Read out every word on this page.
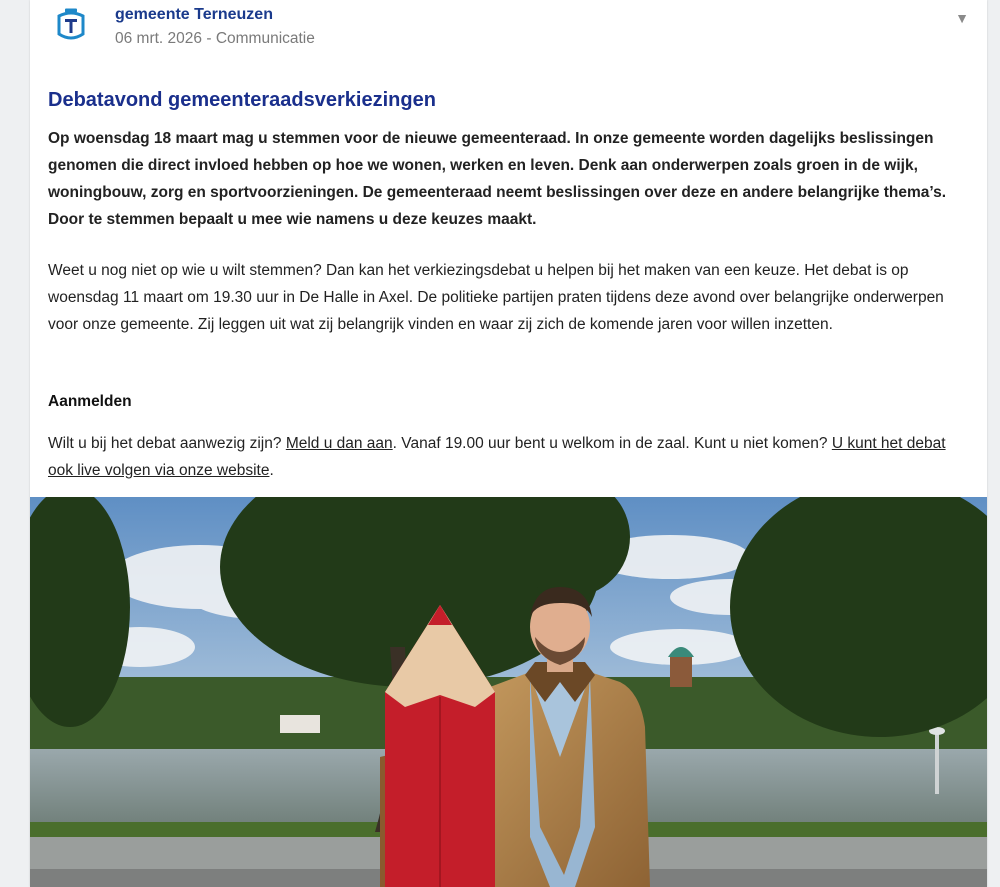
gemeente Terneuzen
06 mrt. 2026 - Communicatie
▼
Debatavond gemeenteraadsverkiezingen

Op woensdag 18 maart mag u stemmen voor de nieuwe gemeenteraad. In onze gemeente worden dagelijks beslissingen genomen die direct invloed hebben op hoe we wonen, werken en leven. Denk aan onderwerpen zoals groen in de wijk, woningbouw, zorg en sportvoorzieningen. De gemeenteraad neemt beslissingen over deze en andere belangrijke thema’s. Door te stemmen bepaalt u mee wie namens u deze keuzes maakt.

Weet u nog niet op wie u wilt stemmen? Dan kan het verkiezingsdebat u helpen bij het maken van een keuze. Het debat is op woensdag 11 maart om 19.30 uur in De Halle in Axel. De politieke partijen praten tijdens deze avond over belangrijke onderwerpen voor onze gemeente. Zij leggen uit wat zij belangrijk vinden en waar zij zich de komende jaren voor willen inzetten.

Aanmelden

Wilt u bij het debat aanwezig zijn? Meld u dan aan. Vanaf 19.00 uur bent u welkom in de zaal. Kunt u niet komen? U kunt het debat ook live volgen via onze website.
